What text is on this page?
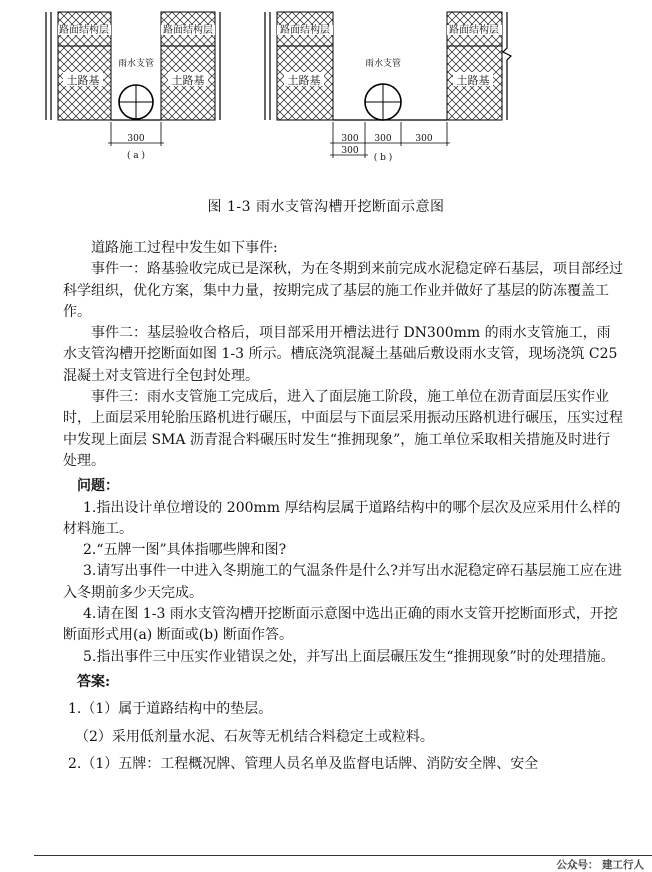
路面结构层	路面结构层
土路基	土路基
雨水支管
300
( a )
路面结构层	路面结构层
土路基	土路基
雨水支管
300
300
300	300
( b )
图 1-3 雨水支管沟槽开挖断面示意图

道路施工过程中发生如下事件:

事件一：路基验收完成已是深秋，为在冬期到来前完成水泥稳定碎石基层，项目部经过科学组织，优化方案，集中力量，按期完成了基层的施工作业并做好了基层的防冻覆盖工作。

事件二：基层验收合格后，项目部采用开槽法进行 DN300mm 的雨水支管施工，雨水支管沟槽开挖断面如图 1-3 所示。槽底浇筑混凝土基础后敷设雨水支管，现场浇筑 C25 混凝土对支管进行全包封处理。

事件三：雨水支管施工完成后，进入了面层施工阶段，施工单位在沥青面层压实作业时，上面层采用轮胎压路机进行碾压，中面层与下面层采用振动压路机进行碾压，压实过程中发现上面层 SMA 沥青混合料碾压时发生“推拥现象”，施工单位采取相关措施及时进行处理。

问题：

1.指出设计单位增设的 200mm 厚结构层属于道路结构中的哪个层次及应采用什么样的材料施工。

2.“五牌一图”具体指哪些牌和图?

3.请写出事件一中进入冬期施工的气温条件是什么?并写出水泥稳定碎石基层施工应在进入冬期前多少天完成。

4.请在图 1-3 雨水支管沟槽开挖断面示意图中选出正确的雨水支管开挖断面形式，开挖断面形式用(a) 断面或(b) 断面作答。

5.指出事件三中压实作业错误之处，并写出上面层碾压发生“推拥现象”时的处理措施。

答案:

1.（1）属于道路结构中的垫层。

（2）采用低剂量水泥、石灰等无机结合料稳定土或粒料。

2.（1）五牌：工程概况牌、管理人员名单及监督电话牌、消防安全牌、安全

公众号： 建工行人
